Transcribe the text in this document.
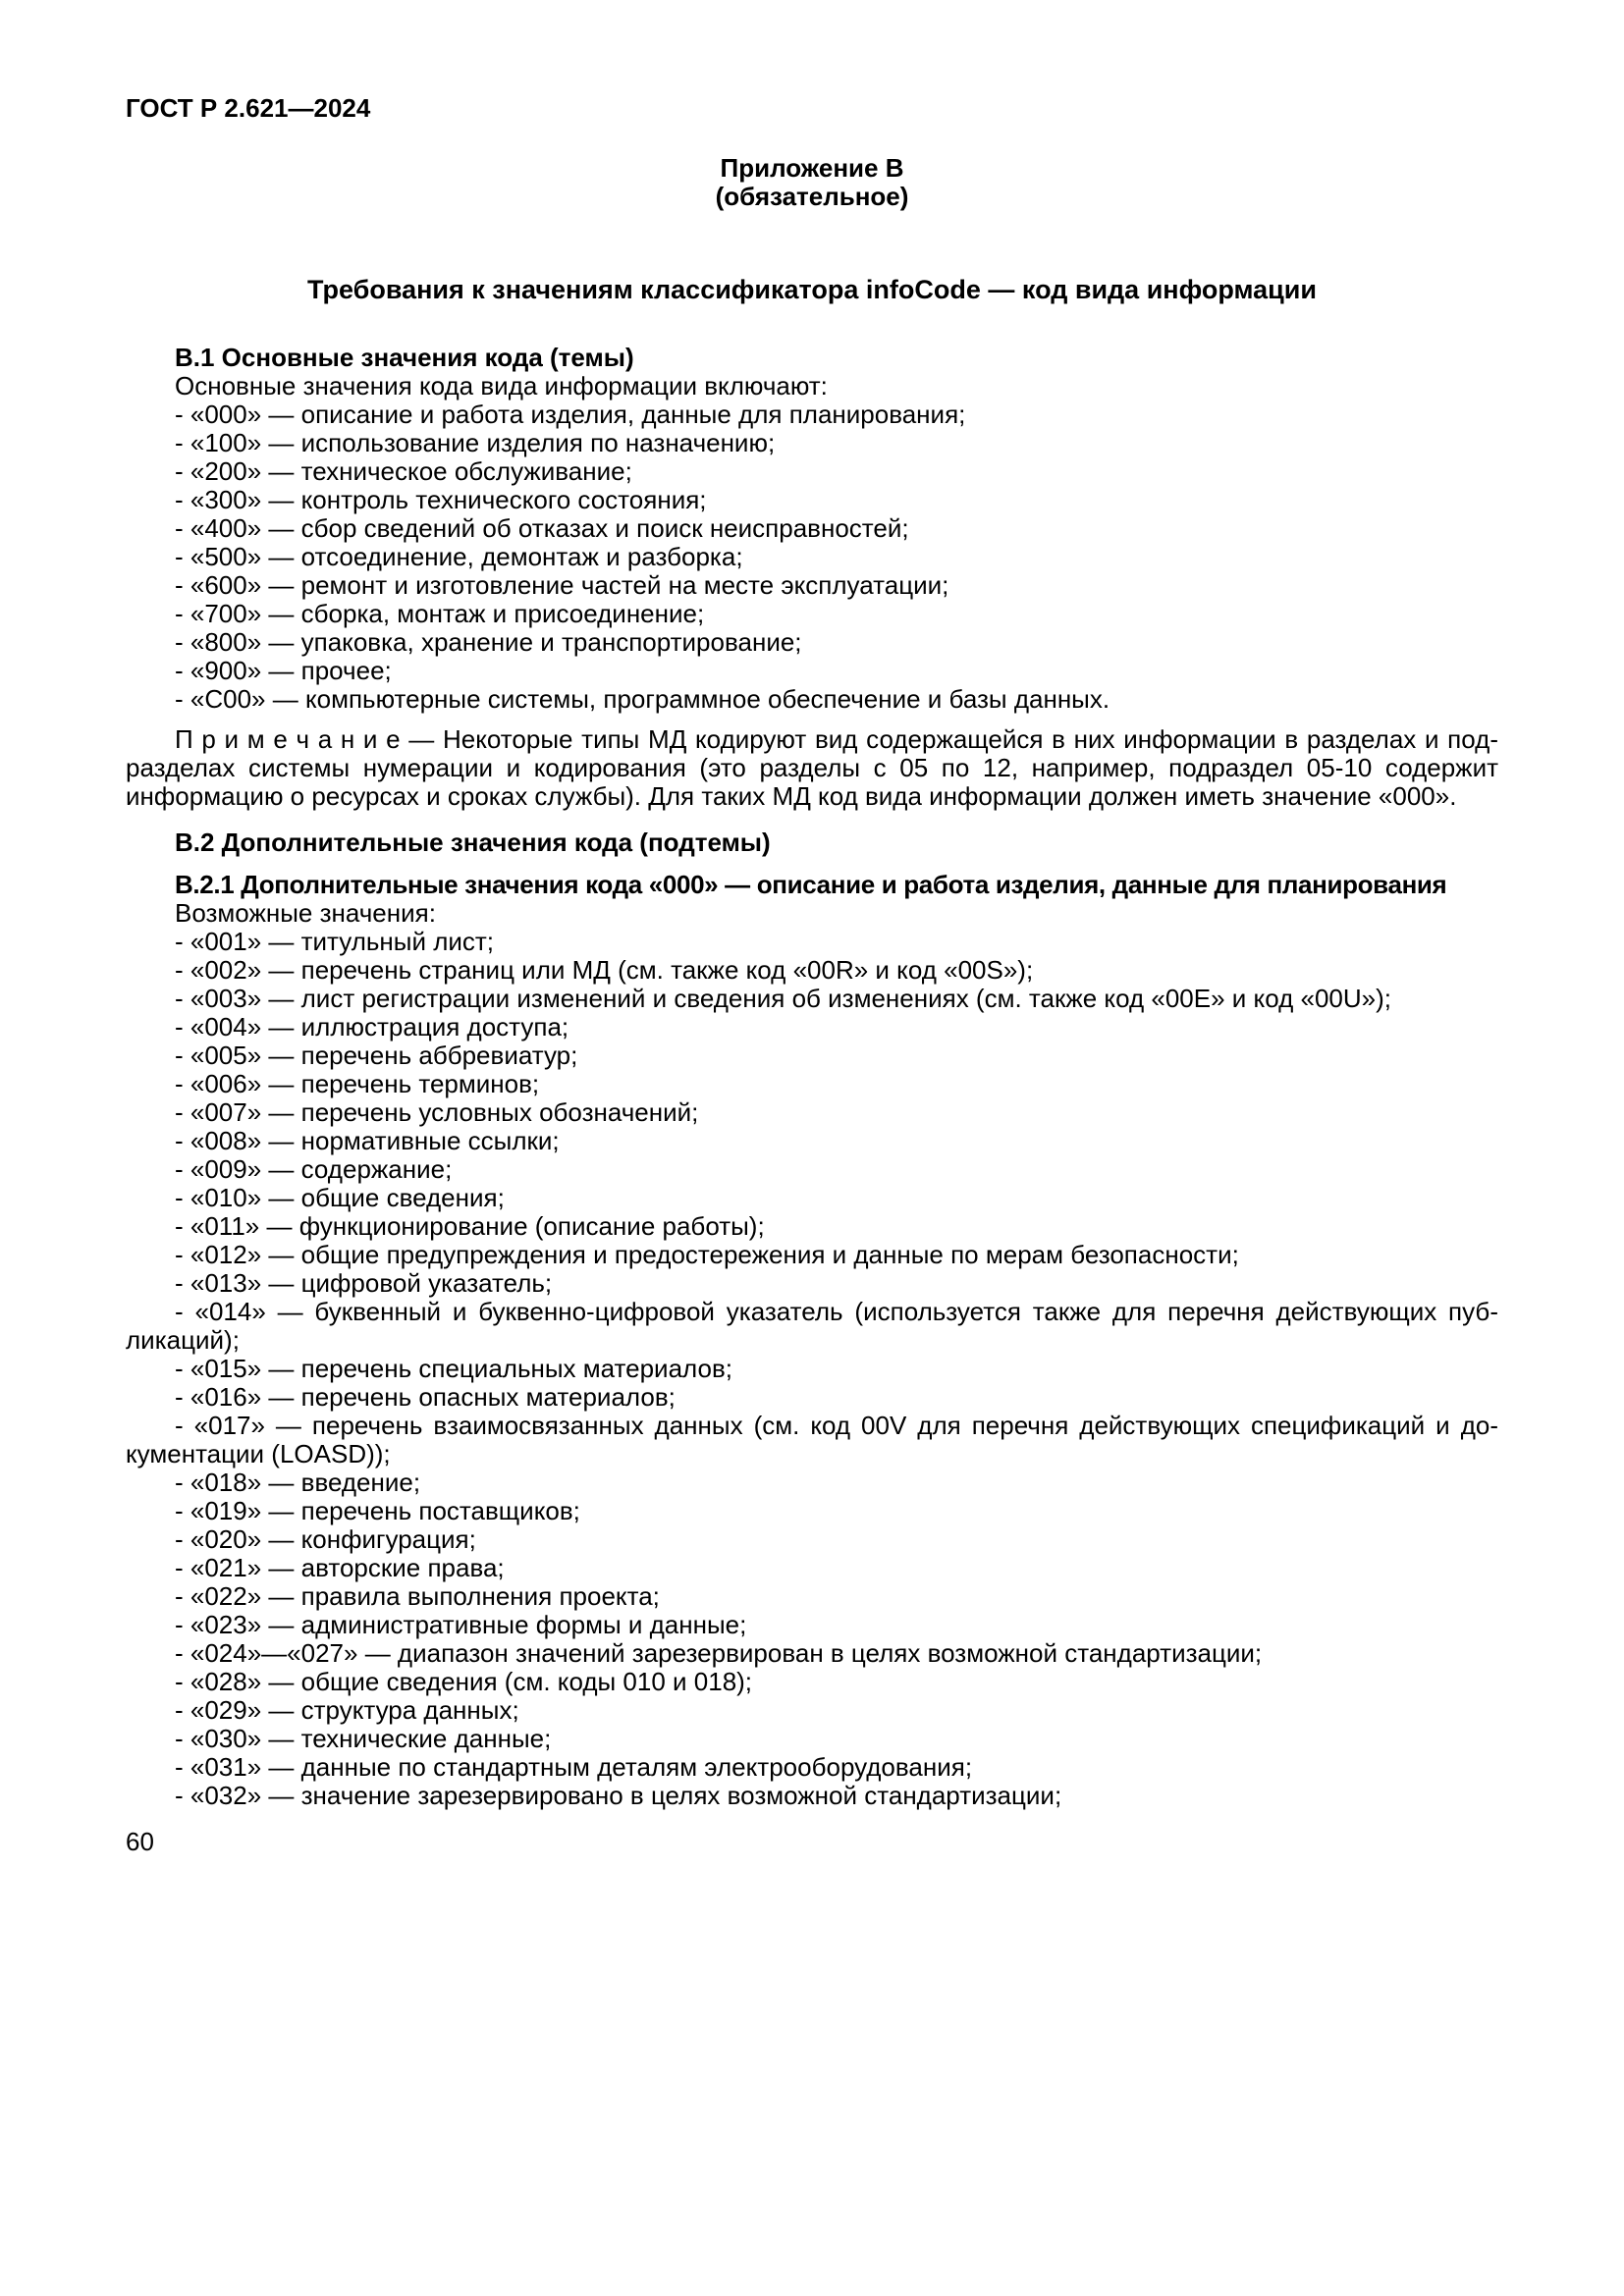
ГОСТ Р 2.621—2024
Приложение В
(обязательное)
Требования к значениям классификатора infoCode — код вида информации
В.1 Основные значения кода (темы)

Основные значения кода вида информации включают:

- «000» — описание и работа изделия, данные для планирования;

- «100» — использование изделия по назначению;

- «200» — техническое обслуживание;

- «300» — контроль технического состояния;

- «400» — сбор сведений об отказах и поиск неисправностей;

- «500» — отсоединение, демонтаж и разборка;

- «600» — ремонт и изготовление частей на месте эксплуатации;

- «700» — сборка, монтаж и присоединение;

- «800» — упаковка, хранение и транспортирование;

- «900» — прочее;

- «C00» — компьютерные системы, программное обеспечение и базы данных.

П р и м е ч а н и е — Некоторые типы МД кодируют вид содержащейся в них информации в разделах и подразделах системы нумерации и кодирования (это разделы с 05 по 12, например, подраздел 05-10 содержит информацию о ресурсах и сроках службы). Для таких МД код вида информации должен иметь значение «000».

В.2 Дополнительные значения кода (подтемы)
В.2.1 Дополнительные значения кода «000» — описание и работа изделия, данные для планирования

Возможные значения:

- «001» — титульный лист;

- «002» — перечень страниц или МД (см. также код «00R» и код «00S»);

- «003» — лист регистрации изменений и сведения об изменениях (см. также код «00E» и код «00U»);

- «004» — иллюстрация доступа;

- «005» — перечень аббревиатур;

- «006» — перечень терминов;

- «007» — перечень условных обозначений;

- «008» — нормативные ссылки;

- «009» — содержание;

- «010» — общие сведения;

- «011» — функционирование (описание работы);

- «012» — общие предупреждения и предостережения и данные по мерам безопасности;

- «013» — цифровой указатель;

- «014» — буквенный и буквенно-цифровой указатель (используется также для перечня действующих публикаций);

- «015» — перечень специальных материалов;

- «016» — перечень опасных материалов;

- «017» — перечень взаимосвязанных данных (см. код 00V для перечня действующих спецификаций и документации (LOASD));

- «018» — введение;

- «019» — перечень поставщиков;

- «020» — конфигурация;

- «021» — авторские права;

- «022» — правила выполнения проекта;

- «023» — административные формы и данные;

- «024»—«027» — диапазон значений зарезервирован в целях возможной стандартизации;

- «028» — общие сведения (см. коды 010 и 018);

- «029» — структура данных;

- «030» — технические данные;

- «031» — данные по стандартным деталям электрооборудования;

- «032» — значение зарезервировано в целях возможной стандартизации;

60
